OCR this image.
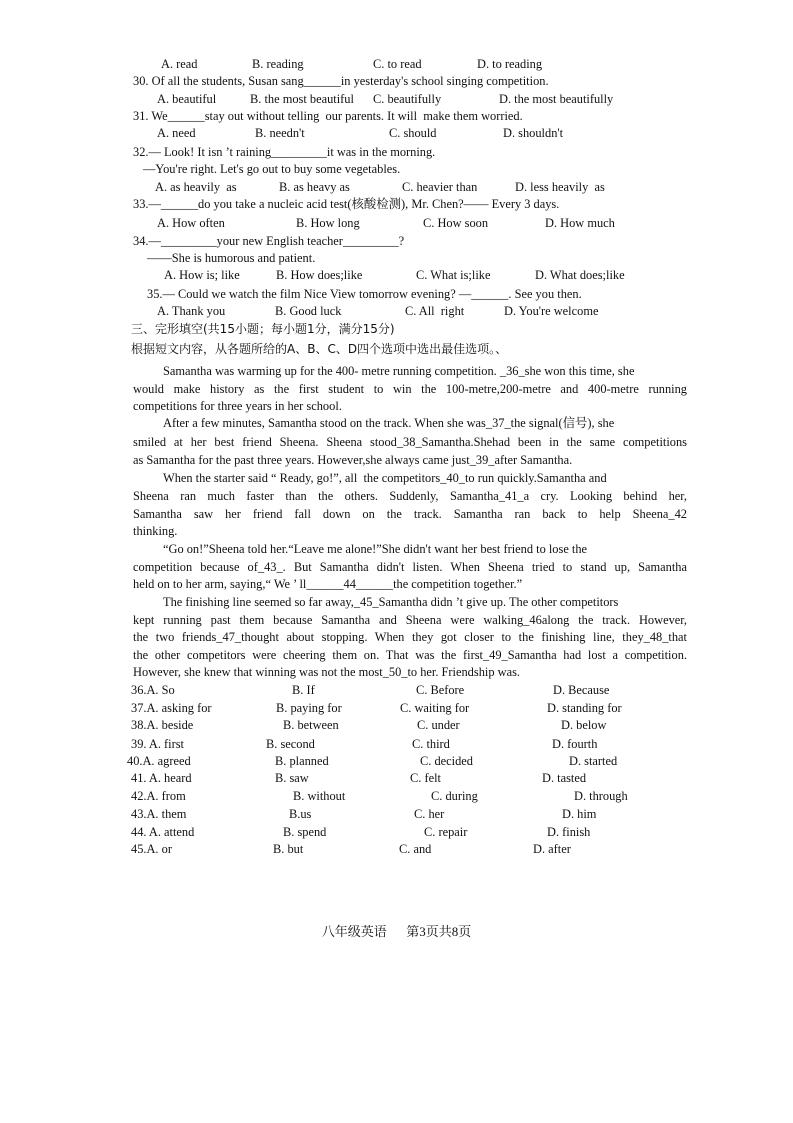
A. read	B. reading	C. to read	D. to reading
30. Of all the students, Susan sang______in yesterday's school singing competition.
A. beautiful	B. the most beautiful C. beautifully	D. the most beautifully
31. We______stay out without telling  our parents. It will  make them worried.
A. need	B. needn't	C. should	D. shouldn't
32.— Look! It isn ’t raining_________it was in the morning.
—You're right. Let's go out to buy some vegetables.
A. as heavily  as	B. as heavy as	C. heavier than	D. less heavily  as
33.—______do you take a nucleic acid test(核酸检测), Mr. Chen?—— Every 3 days.
A. How often	B. How long	C. How soon	D. How much
34.—_________your new English teacher_________?
——She is humorous and patient.
A. How is; like	B. How does;like	C. What is;like	D. What does;like
35.— Could we watch the film Nice View tomorrow evening? —______. See you then.
A. Thank you	B. Good luck	C. All  right	D. You're welcome
三、完形填空(共15小题；每小题1分，满分15分)
根据短文内容，从各题所给的A、B、C、D四个选项中选出最佳选项。、
Samantha was warming up for the 400- metre running competition. _36_she won this time, she
would make history as the first student to win the 100-metre,200-metre and 400-metre running
competitions for three years in her school.
After a few minutes, Samantha stood on the track. When she was_37_the signal(信号), she
smiled at her best friend Sheena. Sheena stood_38_Samantha.Shehad been in the same competitions
as Samantha for the past three years. However,she always came just_39_after Samantha.
When the starter said “ Ready, go!”, all  the competitors_40_to run quickly.Samantha and
Sheena ran much faster than the others. Suddenly, Samantha_41_a cry. Looking behind her,
Samantha saw her friend fall down on the track. Samantha ran back to help Sheena_42
thinking.
“Go on!”Sheena told her.“Leave me alone!”She didn't want her best friend to lose the
competition because of_43_. But Samantha didn't listen. When Sheena tried to stand up, Samantha
held on to her arm, saying,“ We ’ ll______44______the competition together.”
The finishing line seemed so far away,_45_Samantha didn ’t give up. The other competitors
kept running past them because Samantha and Sheena were walking_46along the track. However,
the two friends_47_thought about stopping. When they got closer to the finishing line, they_48_that
the other competitors were cheering them on. That was the first_49_Samantha had lost a competition.
However, she knew that winning was not the most_50_to her. Friendship was.
36.A. So	B. If	C. Before	D. Because
37.A. asking for	B. paying for	C. waiting for	D. standing for
38.A. beside	B. between	C. under	D. below
39. A. first	B. second	C. third	D. fourth
40.A. agreed	B. planned	C. decided	D. started
41. A. heard	B. saw	C. felt	D. tasted
42.A. from	B. without	C. during	D. through
43.A. them	B.us	C. her	D. him
44. A. attend	B. spend	C. repair	D. finish
45.A. or	B. but	C. and	D. after
八年级英语      第3页共8页
